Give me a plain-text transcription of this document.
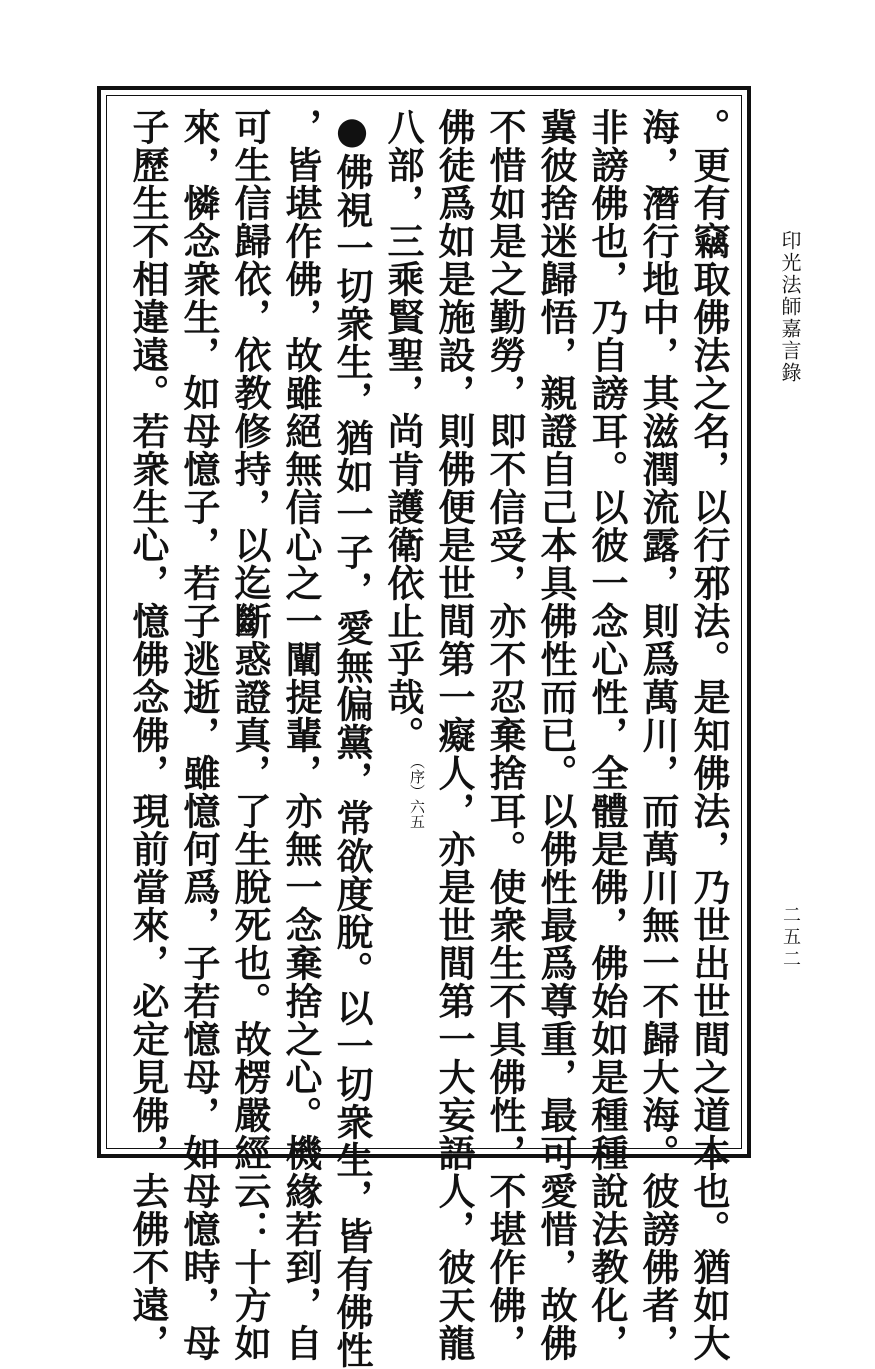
印光法師嘉言錄
二五二
。更有竊取佛法之名，以行邪法。是知佛法，乃世出世間之道本也。猶如大
海，潛行地中，其滋潤流露，則爲萬川，而萬川無一不歸大海。彼謗佛者，
非謗佛也，乃自謗耳。以彼一念心性，全體是佛，佛始如是種種說法教化，
冀彼捨迷歸悟，親證自己本具佛性而已。以佛性最爲尊重，最可愛惜，故佛
不惜如是之勤勞，即不信受，亦不忍棄捨耳。使衆生不具佛性，不堪作佛，
佛徒爲如是施設，則佛便是世間第一癡人，亦是世間第一大妄語人，彼天龍
八部，三乘賢聖，尚肯護衛依止乎哉。（序）六五
●佛視一切衆生，猶如一子，愛無偏黨，常欲度脫。以一切衆生，皆有佛性
，皆堪作佛，故雖絕無信心之一闡提輩，亦無一念棄捨之心。機緣若到，自
可生信歸依，依教修持，以迄斷惑證真，了生脫死也。故楞嚴經云：十方如
來，憐念衆生，如母憶子，若子逃逝，雖憶何爲，子若憶母，如母憶時，母
子歷生不相違遠。若衆生心，憶佛念佛，現前當來，必定見佛，去佛不遠，
